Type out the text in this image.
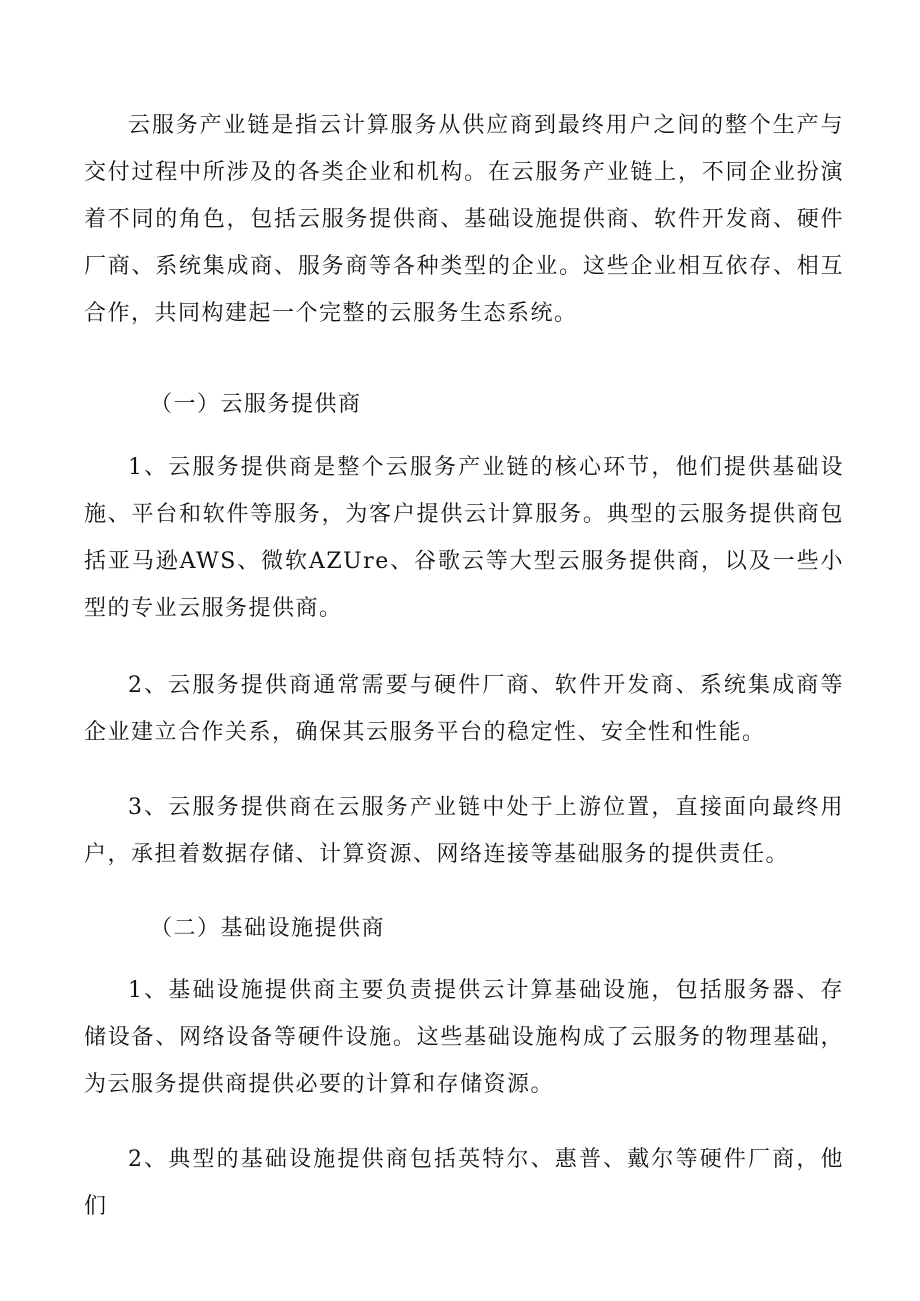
云服务产业链是指云计算服务从供应商到最终用户之间的整个生产与交付过程中所涉及的各类企业和机构。在云服务产业链上，不同企业扮演着不同的角色，包括云服务提供商、基础设施提供商、软件开发商、硬件厂商、系统集成商、服务商等各种类型的企业。这些企业相互依存、相互合作，共同构建起一个完整的云服务生态系统。

（一）云服务提供商

1、云服务提供商是整个云服务产业链的核心环节，他们提供基础设施、平台和软件等服务，为客户提供云计算服务。典型的云服务提供商包括亚马逊AWS、微软AZUre、谷歌云等大型云服务提供商，以及一些小型的专业云服务提供商。

2、云服务提供商通常需要与硬件厂商、软件开发商、系统集成商等企业建立合作关系，确保其云服务平台的稳定性、安全性和性能。

3、云服务提供商在云服务产业链中处于上游位置，直接面向最终用户，承担着数据存储、计算资源、网络连接等基础服务的提供责任。

（二）基础设施提供商

1、基础设施提供商主要负责提供云计算基础设施，包括服务器、存储设备、网络设备等硬件设施。这些基础设施构成了云服务的物理基础，为云服务提供商提供必要的计算和存储资源。

2、典型的基础设施提供商包括英特尔、惠普、戴尔等硬件厂商，他们
